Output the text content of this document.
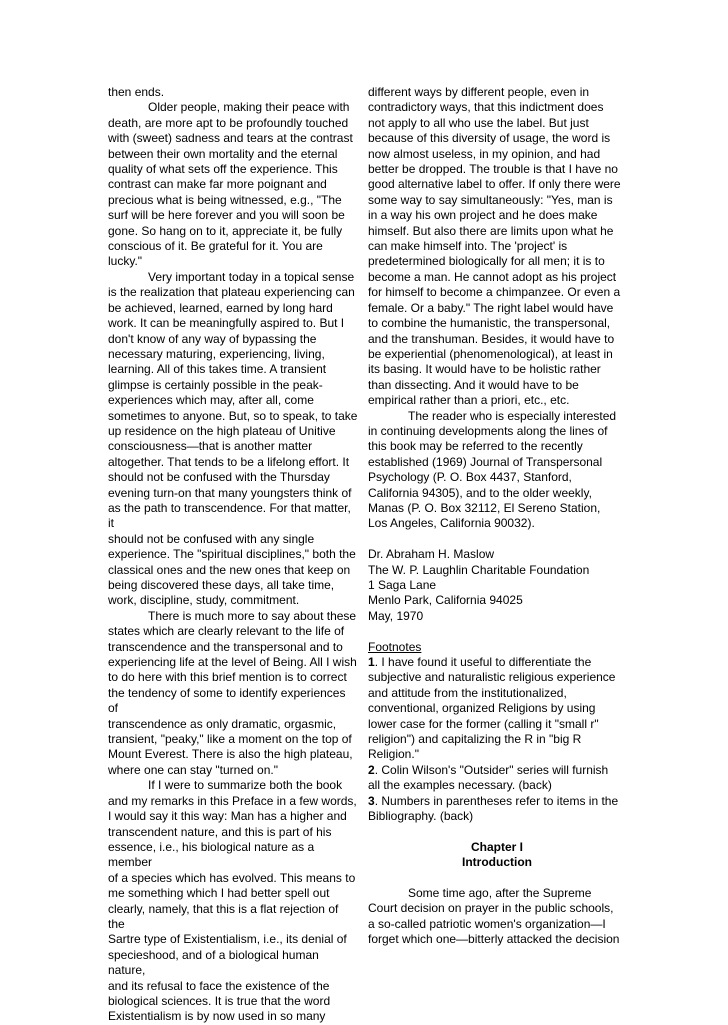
then ends.

Older people, making their peace with

death, are more apt to be profoundly touched

with (sweet) sadness and tears at the contrast

between their own mortality and the eternal

quality of what sets off the experience. This

contrast can make far more poignant and

precious what is being witnessed, e.g., "The

surf will be here forever and you will soon be

gone. So hang on to it, appreciate it, be fully

conscious of it. Be grateful for it. You are

lucky."

Very important today in a topical sense

is the realization that plateau experiencing can

be achieved, learned, earned by long hard

work. It can be meaningfully aspired to. But I

don't know of any way of bypassing the

necessary maturing, experiencing, living,

learning. All of this takes time. A transient

glimpse is certainly possible in the peak-

experiences which may, after all, come

sometimes to anyone. But, so to speak, to take

up residence on the high plateau of Unitive

consciousness—that is another matter

altogether. That tends to be a lifelong effort. It

should not be confused with the Thursday

evening turn-on that many youngsters think of

as the path to transcendence. For that matter, it

should not be confused with any single

experience. The "spiritual disciplines," both the

classical ones and the new ones that keep on

being discovered these days, all take time,

work, discipline, study, commitment.

There is much more to say about these

states which are clearly relevant to the life of

transcendence and the transpersonal and to

experiencing life at the level of Being. All I wish

to do here with this brief mention is to correct

the tendency of some to identify experiences of

transcendence as only dramatic, orgasmic,

transient, "peaky," like a moment on the top of

Mount Everest. There is also the high plateau,

where one can stay "turned on."

If I were to summarize both the book

and my remarks in this Preface in a few words,

I would say it this way: Man has a higher and

transcendent nature, and this is part of his

essence, i.e., his biological nature as a member

of a species which has evolved. This means to

me something which I had better spell out

clearly, namely, that this is a flat rejection of the

Sartre type of Existentialism, i.e., its denial of

specieshood, and of a biological human nature,

and its refusal to face the existence of the

biological sciences. It is true that the word

Existentialism is by now used in so many

different ways by different people, even in

contradictory ways, that this indictment does

not apply to all who use the label. But just

because of this diversity of usage, the word is

now almost useless, in my opinion, and had

better be dropped. The trouble is that I have no

good alternative label to offer. If only there were

some way to say simultaneously: "Yes, man is

in a way his own project and he does make

himself. But also there are limits upon what he

can make himself into. The 'project' is

predetermined biologically for all men; it is to

become a man. He cannot adopt as his project

for himself to become a chimpanzee. Or even a

female. Or a baby." The right label would have

to combine the humanistic, the transpersonal,

and the transhuman. Besides, it would have to

be experiential (phenomenological), at least in

its basing. It would have to be holistic rather

than dissecting. And it would have to be

empirical rather than a priori, etc., etc.

The reader who is especially interested

in continuing developments along the lines of

this book may be referred to the recently

established (1969) Journal of Transpersonal

Psychology (P. O. Box 4437, Stanford,

California 94305), and to the older weekly,

Manas (P. O. Box 32112, El Sereno Station,

Los Angeles, California 90032).

Dr. Abraham H. Maslow

The W. P. Laughlin Charitable Foundation

1 Saga Lane

Menlo Park, California 94025

May, 1970

Footnotes

1. I have found it useful to differentiate the

subjective and naturalistic religious experience

and attitude from the institutionalized,

conventional, organized Religions by using

lower case for the former (calling it "small r"

religion") and capitalizing the R in "big R

Religion."

2. Colin Wilson's "Outsider" series will furnish

all the examples necessary. (back)

3. Numbers in parentheses refer to items in the

Bibliography. (back)

Chapter I

Introduction

Some time ago, after the Supreme

Court decision on prayer in the public schools,

a so-called patriotic women's organization—I

forget which one—bitterly attacked the decision
